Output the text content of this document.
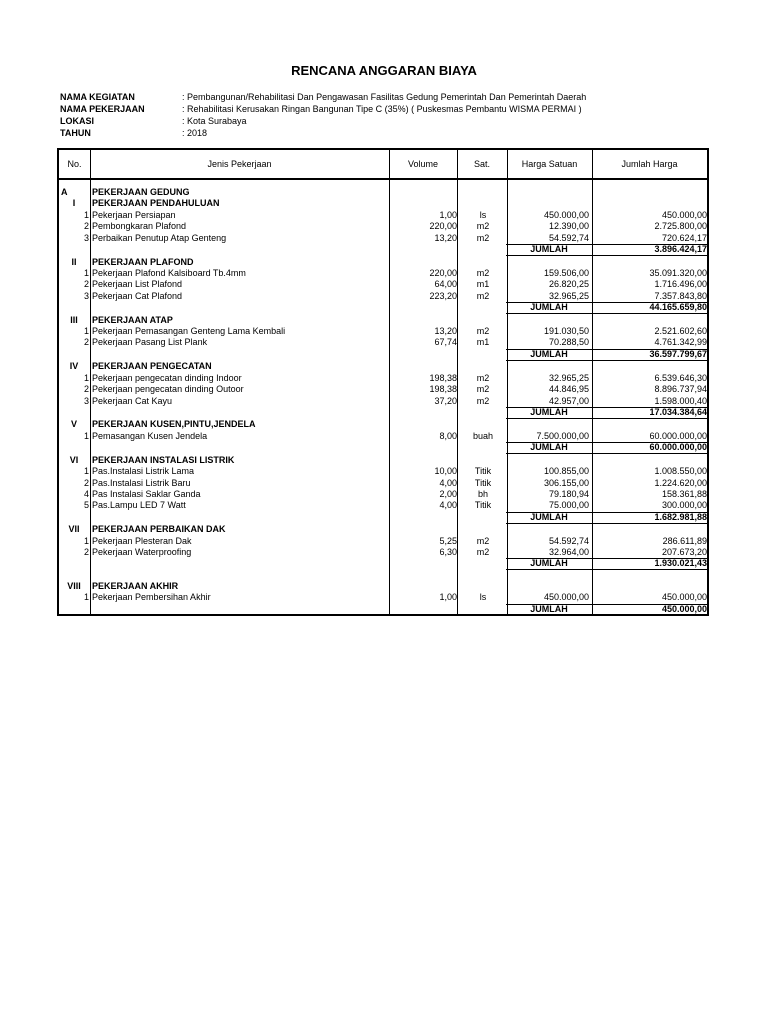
RENCANA ANGGARAN BIAYA
NAMA KEGIATAN	: Pembangunan/Rehabilitasi Dan Pengawasan Fasilitas Gedung Pemerintah Dan Pemerintah Daerah
NAMA PEKERJAAN	: Rehabilitasi Kerusakan Ringan Bangunan Tipe C (35%) ( Puskesmas Pembantu WISMA PERMAI )
LOKASI	: Kota Surabaya
TAHUN	: 2018
No.	Jenis Pekerjaan	Volume	Sat.	Harga Satuan	Jumlah Harga
A	PEKERJAAN GEDUNG
I	PEKERJAAN PENDAHULUAN
1 Pekerjaan Persiapan	1,00	ls	450.000,00	450.000,00
2 Pembongkaran Plafond	220,00	m2	12.390,00	2.725.800,00
3 Perbaikan Penutup Atap Genteng	13,20	m2	54.592,74	720.624,17
JUMLAH	3.896.424,17
II	PEKERJAAN PLAFOND
1 Pekerjaan Plafond Kalsiboard Tb.4mm	220,00	m2	159.506,00	35.091.320,00
2 Pekerjaan List Plafond	64,00	m1	26.820,25	1.716.496,00
3 Pekerjaan Cat Plafond	223,20	m2	32.965,25	7.357.843,80
JUMLAH	44.165.659,80
III	PEKERJAAN ATAP
1 Pekerjaan Pemasangan Genteng Lama Kembali	13,20	m2	191.030,50	2.521.602,60
2 Pekerjaan Pasang List Plank	67,74	m1	70.288,50	4.761.342,99
JUMLAH	36.597.799,67
IV	PEKERJAAN PENGECATAN
1 Pekerjaan pengecatan dinding Indoor	198,38	m2	32.965,25	6.539.646,30
2 Pekerjaan pengecatan dinding Outoor	198,38	m2	44.846,95	8.896.737,94
3 Pekerjaan Cat Kayu	37,20	m2	42.957,00	1.598.000,40
JUMLAH	17.034.384,64
V	PEKERJAAN KUSEN,PINTU,JENDELA
1 Pemasangan Kusen Jendela	8,00	buah	7.500.000,00	60.000.000,00
JUMLAH	60.000.000,00
VI	PEKERJAAN INSTALASI LISTRIK
1 Pas.Instalasi Listrik Lama	10,00	Titik	100.855,00	1.008.550,00
2 Pas.Instalasi Listrik Baru	4,00	Titik	306.155,00	1.224.620,00
4 Pas Instalasi Saklar Ganda	2,00	bh	79.180,94	158.361,88
5 Pas.Lampu LED 7 Watt	4,00	Titik	75.000,00	300.000,00
JUMLAH	1.682.981,88
VII	PEKERJAAN PERBAIKAN DAK
1 Pekerjaan Plesteran Dak	5,25	m2	54.592,74	286.611,89
2 Pekerjaan Waterproofing	6,30	m2	32.964,00	207.673,20
JUMLAH	1.930.021,43
VIII	PEKERJAAN AKHIR
1 Pekerjaan Pembersihan Akhir	1,00	ls	450.000,00	450.000,00
JUMLAH	450.000,00
